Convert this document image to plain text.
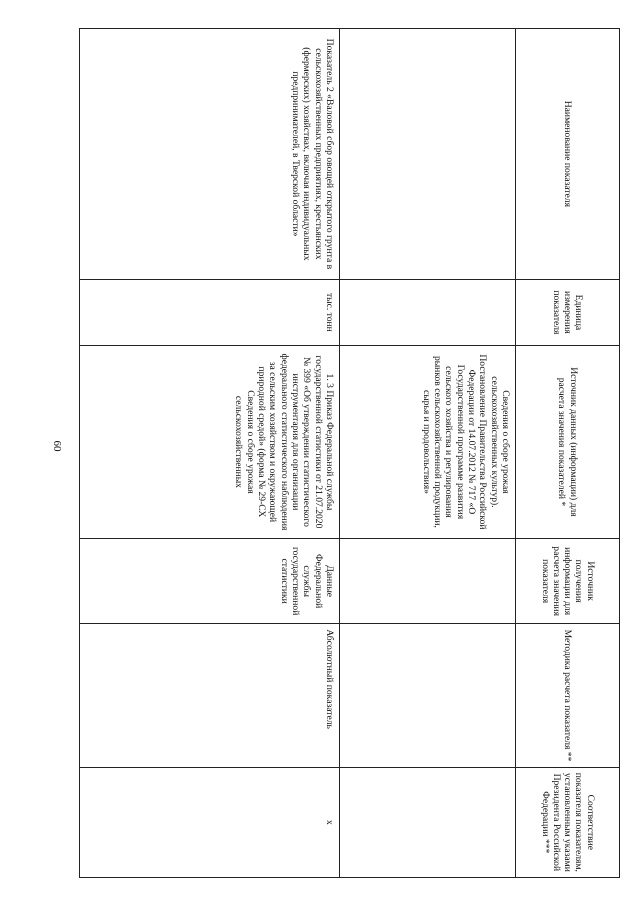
60
Наименование показателя	Единица измерения показателя	Источник данных (информации) для расчета значения показателей *	Источник получения информации для расчета значения показателя	Методика расчета показателя **	Соответствие показателя показателям, установленным указами Президента Российской Федерации ***
		Сведения о сборе урожая сельскохозяйственных культур). Постановление Правительства Российской Федерации от 14.07.2012 № 717 «О Государственной программе развития сельского хозяйства и регулирования рынков сельскохозяйственной продукции, сырья и продовольствия»			
Показатель 2 «Валовой сбор овощей открытого грунта в сельскохозяйственных предприятиях, крестьянских (фермерских) хозяйствах, включая индивидуальных предпринимателей, в Тверской области»	тыс. тонн	1. 3 Приказ Федеральной службы государственной статистики от 21.07.2020 № 399 «Об утверждении статистического инструментария для организации федерального статистического наблюдения за сельским хозяйством и окружающей природной средой» (форма № 29-СХ Сведения о сборе урожая сельскохозяйственных	Данные Федеральной службы государственной статистики	Абсолютный показатель	х
